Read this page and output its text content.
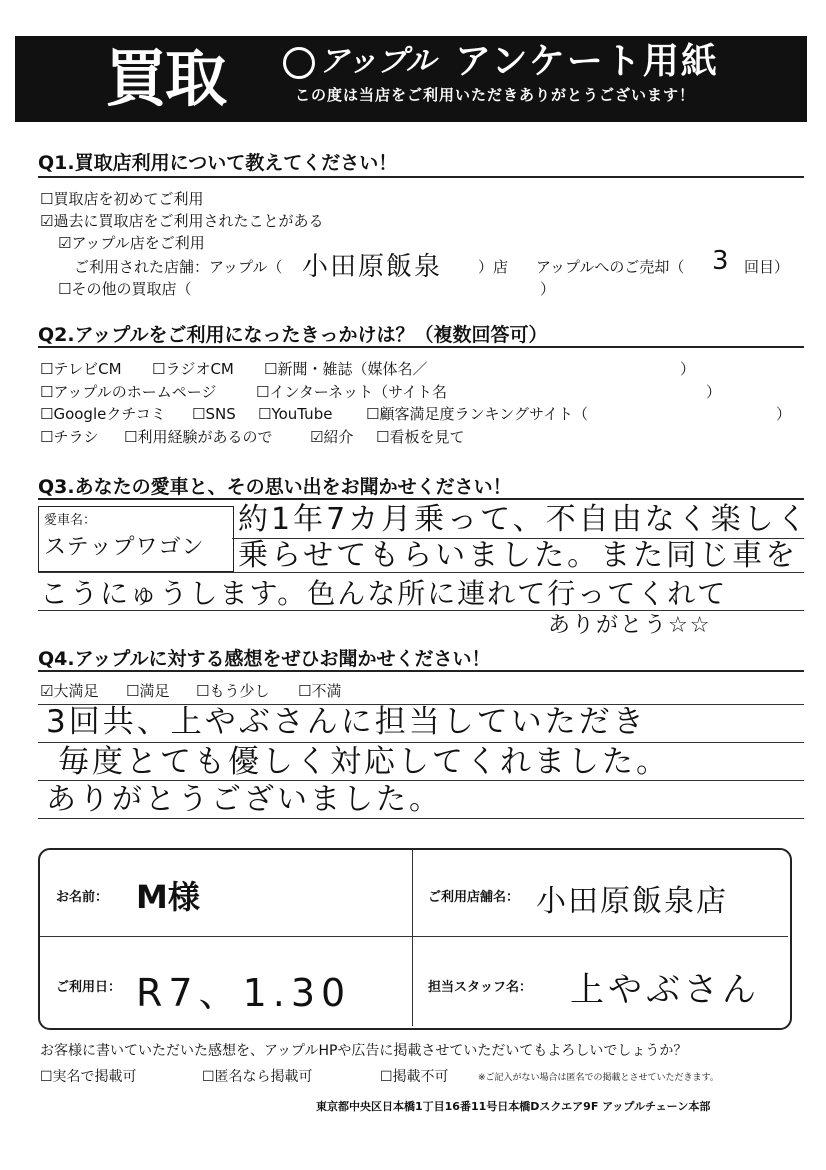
買取	アップル アンケート用紙
この度は当店をご利用いただきありがとうございます！
Q1.買取店利用について教えてください！
☐買取店を初めてご利用
☑過去に買取店をご利用されたことがある
☑アップル店をご利用
ご利用された店舗：アップル（ 小田原飯泉 ）店 アップルへのご売却（ 3 回目）
☐その他の買取店（	）
Q2.アップルをご利用になったきっかけは？（複数回答可）
☐テレビCM ☐ラジオCM ☐新聞・雑誌（媒体名／	）
☐アップルのホームページ	☐インターネット（サイト名	）
☐Googleクチコミ ☐SNS ☐YouTube ☐顧客満足度ランキングサイト（	）
☐チラシ ☐利用経験があるので	☑紹介 ☐看板を見て
Q3.あなたの愛車と、その思い出をお聞かせください！
愛車名：
ステップワゴン
約1年7カ月乗って、不自由なく楽しく
乗らせてもらいました。また同じ車を
こうにゅうします。色んな所に連れて行ってくれて
ありがとう☆☆
Q4.アップルに対する感想をぜひお聞かせください！
☑大満足 ☐満足 ☐もう少し ☐不満
3回共、上やぶさんに担当していただき
毎度とても優しく対応してくれました。
ありがとうございました。
お名前： M様	ご利用店舗名： 小田原飯泉店
ご利用日： R7、1.30	担当スタッフ名： 上やぶさん
お客様に書いていただいた感想を、アップルHPや広告に掲載させていただいてもよろしいでしょうか？
☐実名で掲載可	☐匿名なら掲載可	☐掲載不可	※ご記入がない場合は匿名での掲載とさせていただきます。
東京都中央区日本橋1丁目16番11号日本橋Dスクエア9F アップルチェーン本部
